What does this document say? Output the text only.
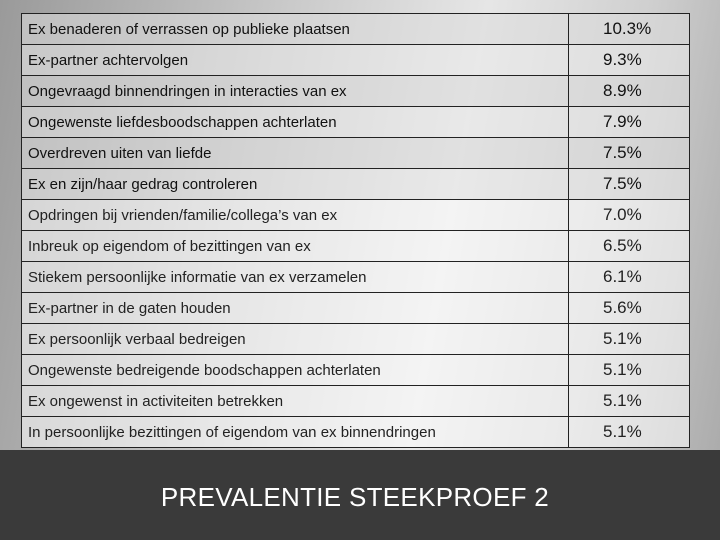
Ex benaderen of verrassen op publieke plaatsen	10.3%
Ex-partner achtervolgen	9.3%
Ongevraagd binnendringen in interacties van ex	8.9%
Ongewenste liefdesboodschappen achterlaten	7.9%
Overdreven uiten van liefde	7.5%
Ex en zijn/haar gedrag controleren	7.5%
Opdringen bij vrienden/familie/collega’s van ex	7.0%
Inbreuk op eigendom of bezittingen van ex	6.5%
Stiekem persoonlijke informatie van ex verzamelen	6.1%
Ex-partner in de gaten houden	5.6%
Ex persoonlijk verbaal bedreigen	5.1%
Ongewenste bedreigende boodschappen achterlaten	5.1%
Ex ongewenst in activiteiten betrekken	5.1%
In persoonlijke bezittingen of eigendom van ex binnendringen	5.1%
PREVALENTIE STEEKPROEF 2
